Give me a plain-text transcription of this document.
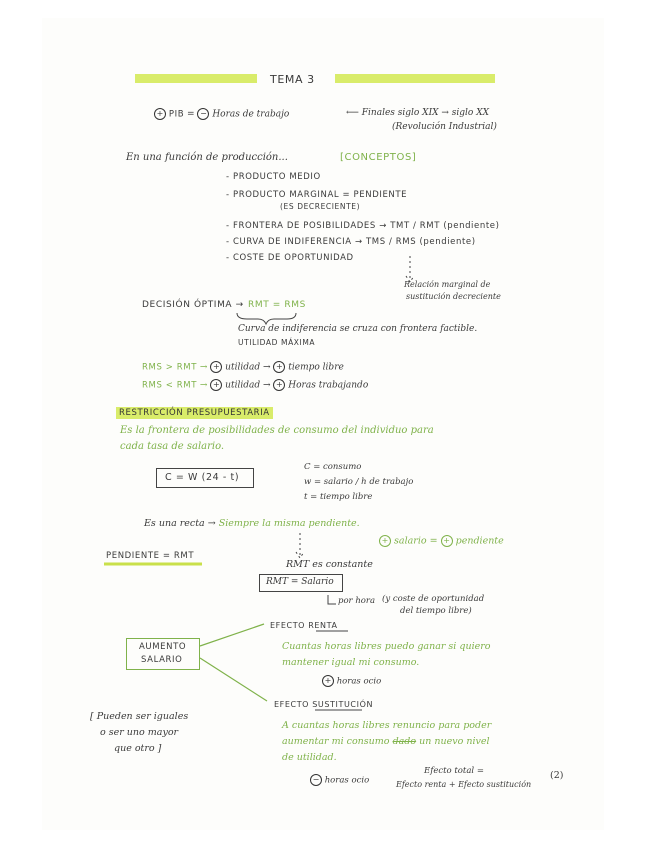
TEMA 3
+ PIB = − Horas de trabajo	⟵ Finales siglo XIX → siglo XX
(Revolución Industrial)
En una función de producción...	[CONCEPTOS]
- PRODUCTO MEDIO
- PRODUCTO MARGINAL = PENDIENTE
(ES DECRECIENTE)
- FRONTERA DE POSIBILIDADES → TMT / RMT (pendiente)
- CURVA DE INDIFERENCIA → TMS / RMS (pendiente)
- COSTE DE OPORTUNIDAD
Relación marginal de
sustitución decreciente
DECISIÓN ÓPTIMA → RMT = RMS
Curva de indiferencia se cruza con frontera factible.
UTILIDAD MÁXIMA
RMS > RMT → + utilidad → + tiempo libre
RMS < RMT → + utilidad → + Horas trabajando
RESTRICCIÓN PRESUPUESTARIA
Es la frontera de posibilidades de consumo del individuo para
cada tasa de salario.
C = W (24 - t)
C = consumo
w = salario / h de trabajo
t = tiempo libre
Es una recta → Siempre la misma pendiente.
+ salario = + pendiente
PENDIENTE = RMT
RMT es constante
RMT = Salario
por hora (y coste de oportunidad
del tiempo libre)
AUMENTO
SALARIO
EFECTO RENTA
Cuantas horas libres puedo ganar si quiero
mantener igual mi consumo.
+ horas ocio
EFECTO SUSTITUCIÓN
A cuantas horas libres renuncio para poder
aumentar mi consumo dado un nuevo nivel
de utilidad.
[ Pueden ser iguales
o ser uno mayor
que otro ]
− horas ocio
Efecto total =
Efecto renta + Efecto sustitución
(2)
